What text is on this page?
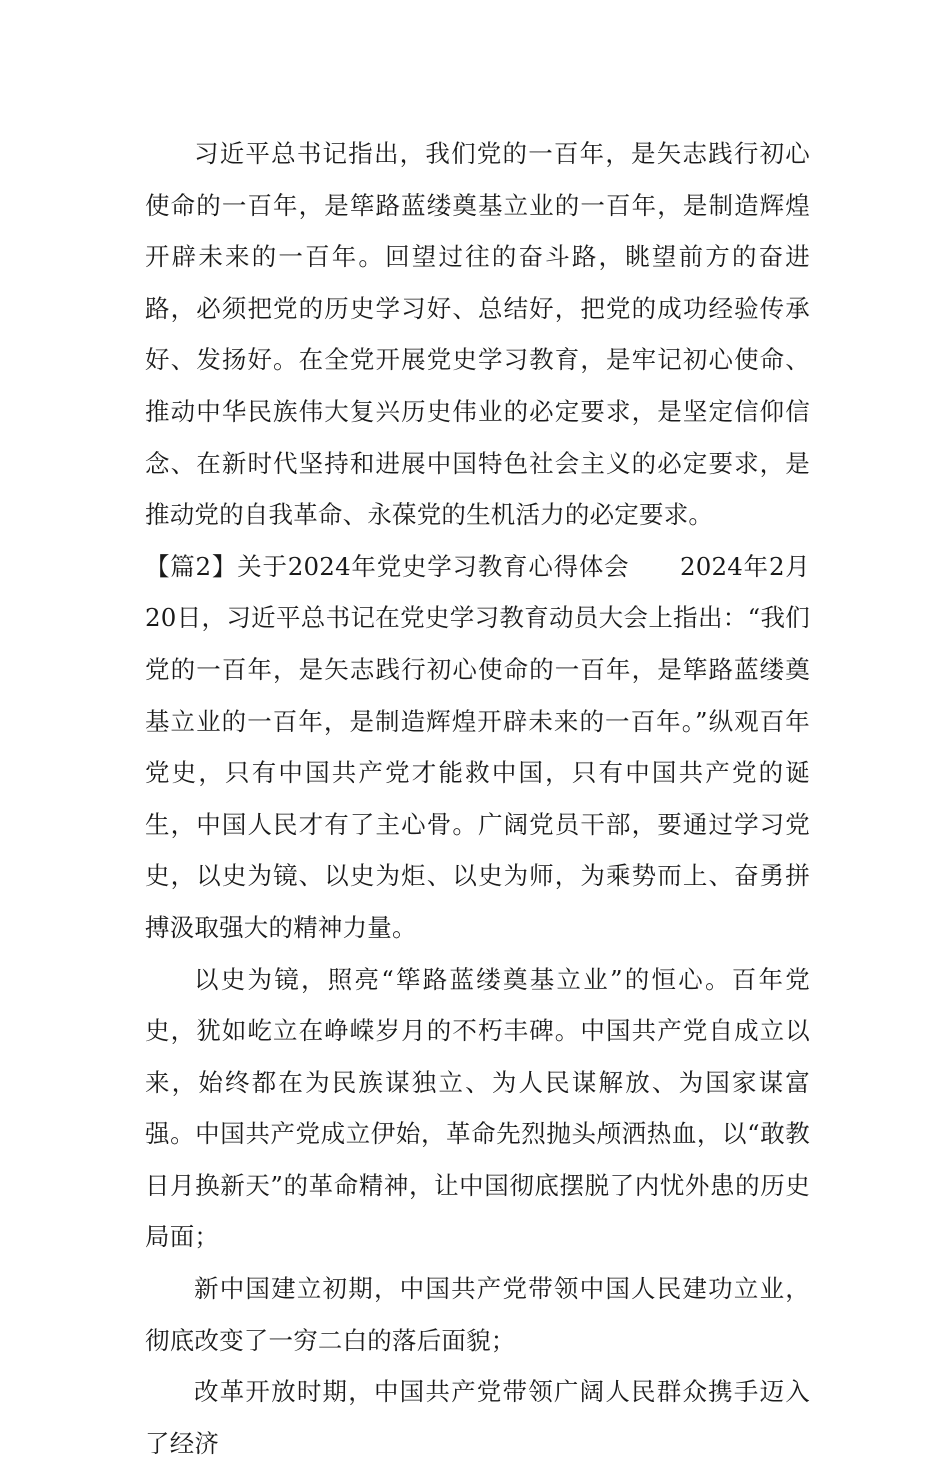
习近平总书记指出，我们党的一百年，是矢志践行初心使命的一百年，是筚路蓝缕奠基立业的一百年，是制造辉煌开辟未来的一百年。回望过往的奋斗路，眺望前方的奋进路，必须把党的历史学习好、总结好，把党的成功经验传承好、发扬好。在全党开展党史学习教育，是牢记初心使命、推动中华民族伟大复兴历史伟业的必定要求，是坚定信仰信念、在新时代坚持和进展中国特色社会主义的必定要求，是推动党的自我革命、永葆党的生机活力的必定要求。

【篇2】关于2024年党史学习教育心得体会　　2024年2月20日，习近平总书记在党史学习教育动员大会上指出：“我们党的一百年，是矢志践行初心使命的一百年，是筚路蓝缕奠基立业的一百年，是制造辉煌开辟未来的一百年。”纵观百年党史，只有中国共产党才能救中国，只有中国共产党的诞生，中国人民才有了主心骨。广阔党员干部，要通过学习党史，以史为镜、以史为炬、以史为师，为乘势而上、奋勇拼搏汲取强大的精神力量。

以史为镜，照亮“筚路蓝缕奠基立业”的恒心。百年党史，犹如屹立在峥嵘岁月的不朽丰碑。中国共产党自成立以来，始终都在为民族谋独立、为人民谋解放、为国家谋富强。中国共产党成立伊始，革命先烈抛头颅洒热血，以“敢教日月换新天”的革命精神，让中国彻底摆脱了内忧外患的历史局面；

新中国建立初期，中国共产党带领中国人民建功立业，彻底改变了一穷二白的落后面貌；

改革开放时期，中国共产党带领广阔人民群众携手迈入了经济
